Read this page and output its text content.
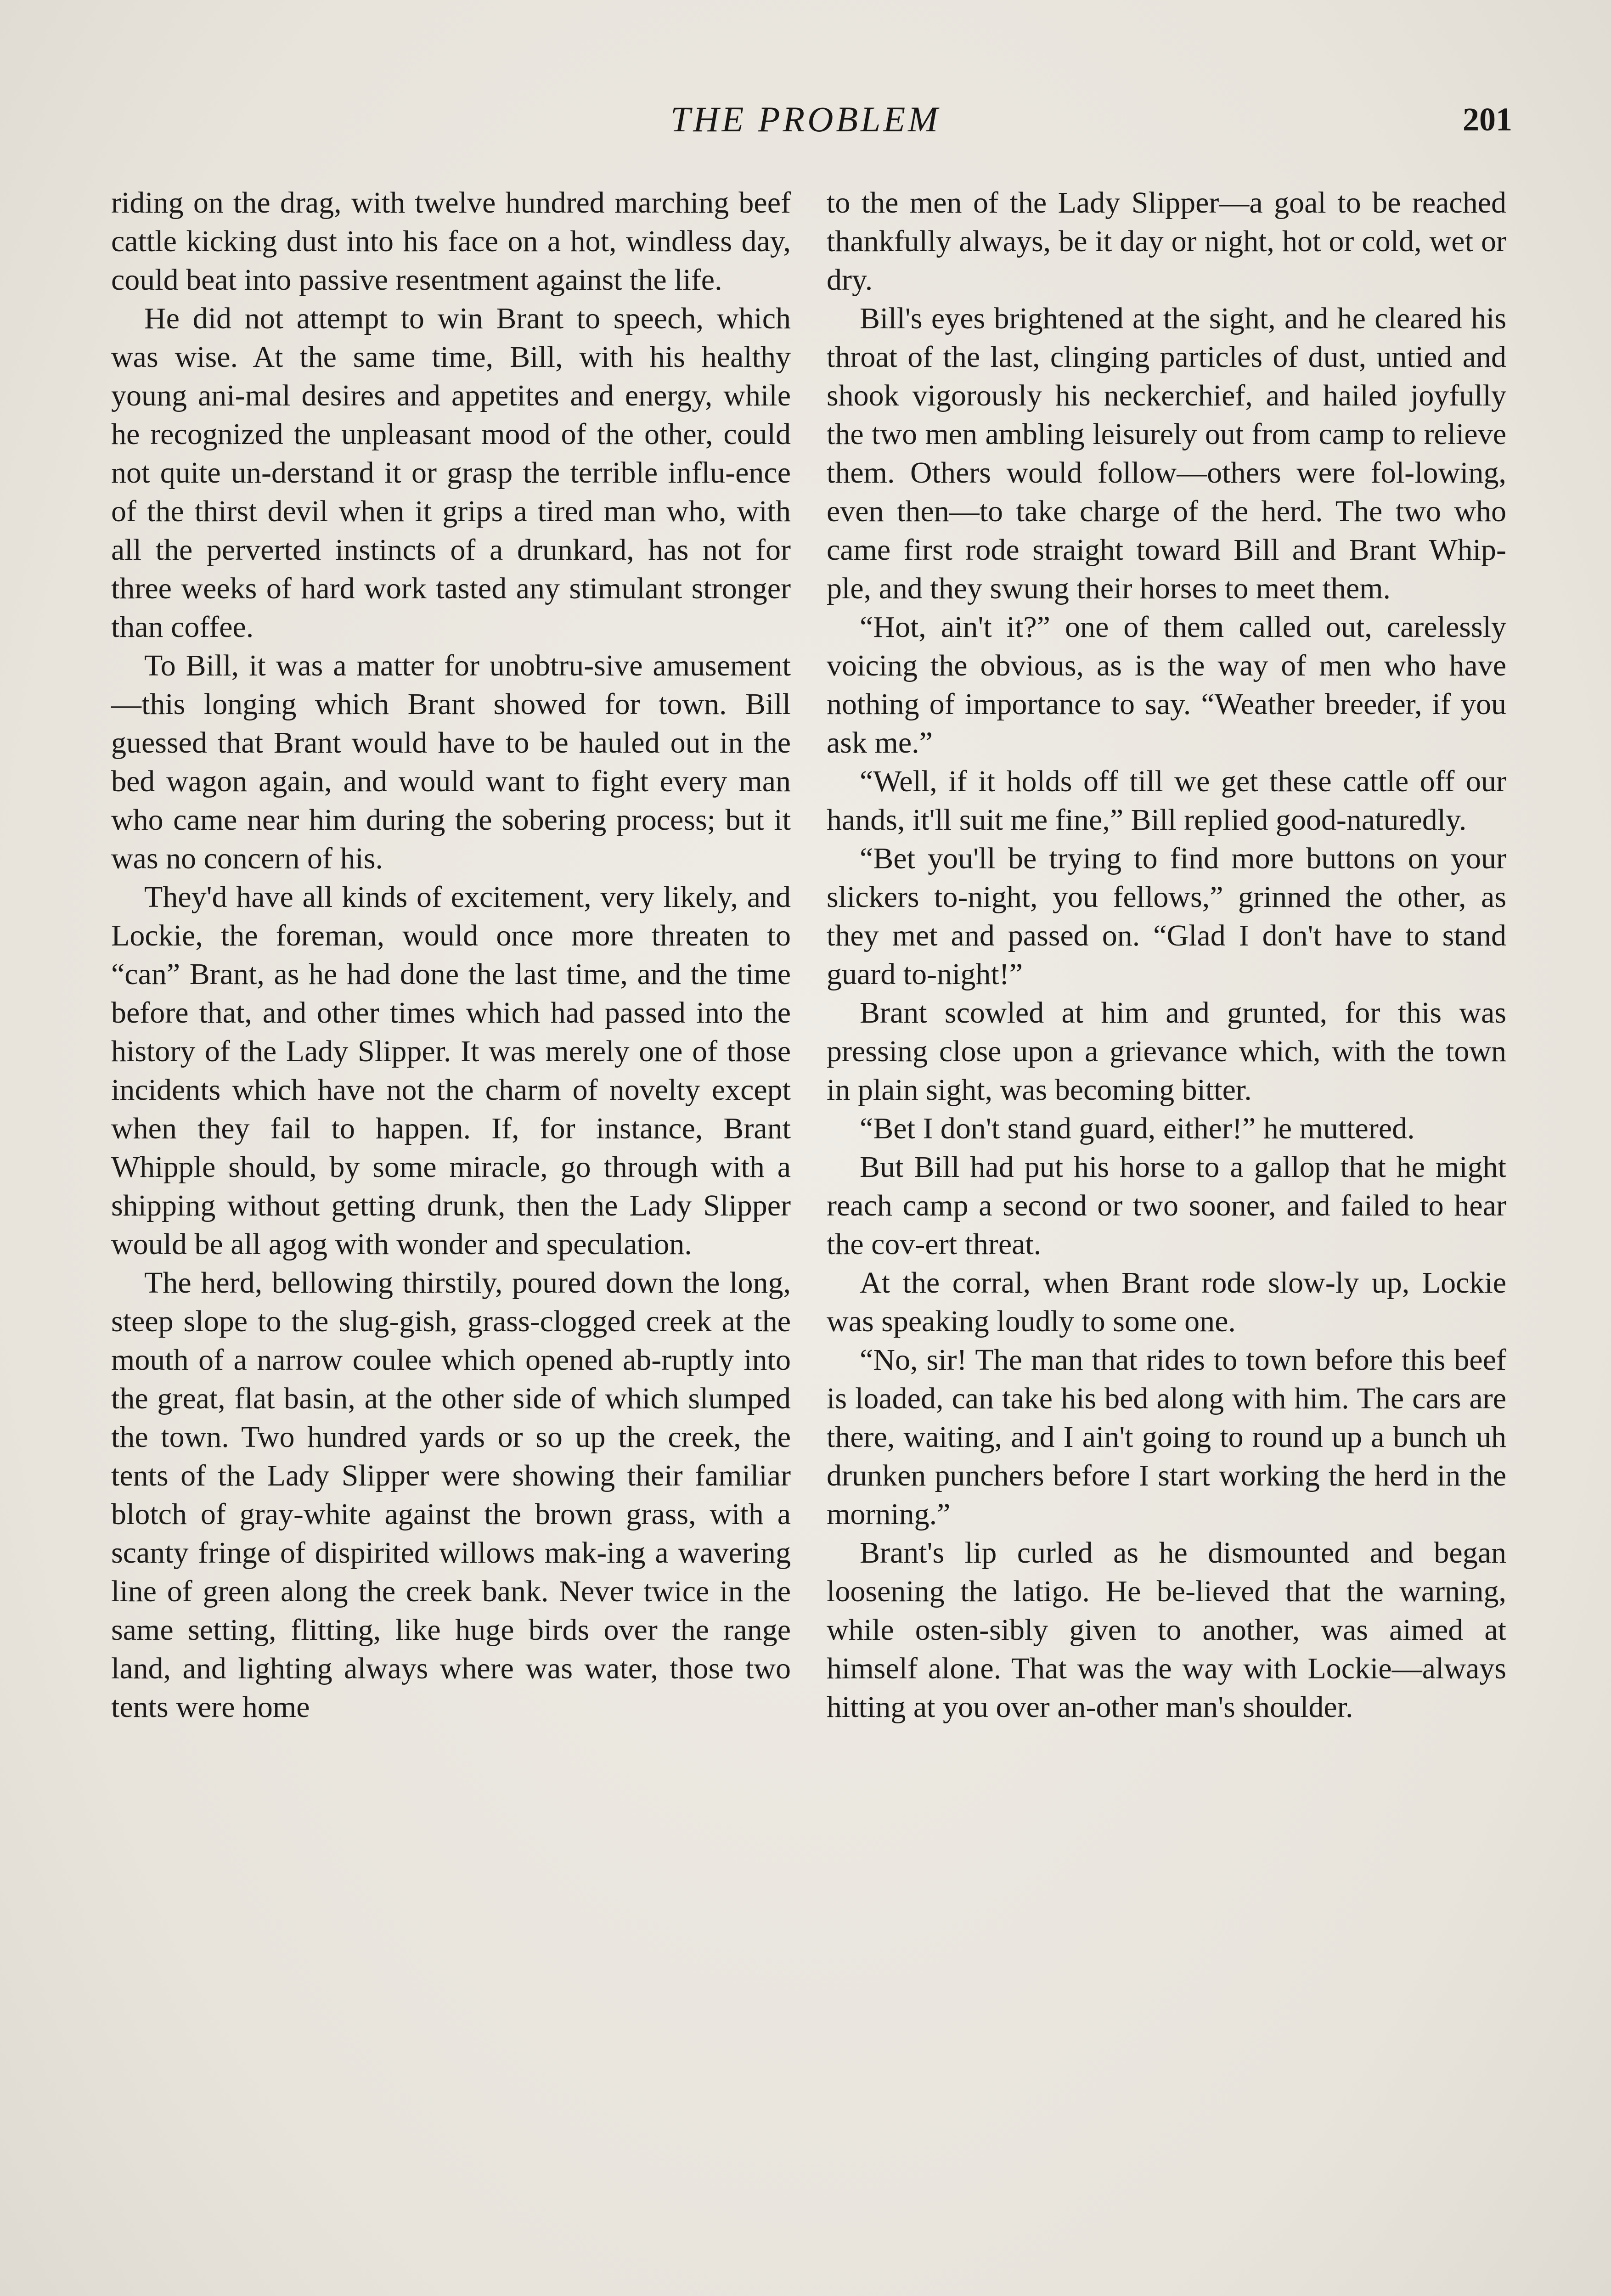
THE PROBLEM	201

riding on the drag, with twelve hundred marching beef cattle kicking dust into his face on a hot, windless day, could beat into passive resentment against the life.

He did not attempt to win Brant to speech, which was wise. At the same time, Bill, with his healthy young ani-mal desires and appetites and energy, while he recognized the unpleasant mood of the other, could not quite un-derstand it or grasp the terrible influ-ence of the thirst devil when it grips a tired man who, with all the perverted instincts of a drunkard, has not for three weeks of hard work tasted any stimulant stronger than coffee.

To Bill, it was a matter for unobtru-sive amusement—this longing which Brant showed for town. Bill guessed that Brant would have to be hauled out in the bed wagon again, and would want to fight every man who came near him during the sobering process; but it was no concern of his.

They'd have all kinds of excitement, very likely, and Lockie, the foreman, would once more threaten to “can” Brant, as he had done the last time, and the time before that, and other times which had passed into the history of the Lady Slipper. It was merely one of those incidents which have not the charm of novelty except when they fail to happen. If, for instance, Brant Whipple should, by some miracle, go through with a shipping without getting drunk, then the Lady Slipper would be all agog with wonder and speculation.

The herd, bellowing thirstily, poured down the long, steep slope to the slug-gish, grass-clogged creek at the mouth of a narrow coulee which opened ab-ruptly into the great, flat basin, at the other side of which slumped the town. Two hundred yards or so up the creek, the tents of the Lady Slipper were showing their familiar blotch of gray-white against the brown grass, with a scanty fringe of dispirited willows mak-ing a wavering line of green along the creek bank. Never twice in the same setting, flitting, like huge birds over the range land, and lighting always where was water, those two tents were home

to the men of the Lady Slipper—a goal to be reached thankfully always, be it day or night, hot or cold, wet or dry.

Bill's eyes brightened at the sight, and he cleared his throat of the last, clinging particles of dust, untied and shook vigorously his neckerchief, and hailed joyfully the two men ambling leisurely out from camp to relieve them. Others would follow—others were fol-lowing, even then—to take charge of the herd. The two who came first rode straight toward Bill and Brant Whip-ple, and they swung their horses to meet them.

“Hot, ain't it?” one of them called out, carelessly voicing the obvious, as is the way of men who have nothing of importance to say. “Weather breeder, if you ask me.”

“Well, if it holds off till we get these cattle off our hands, it'll suit me fine,” Bill replied good-naturedly.

“Bet you'll be trying to find more buttons on your slickers to-night, you fellows,” grinned the other, as they met and passed on. “Glad I don't have to stand guard to-night!”

Brant scowled at him and grunted, for this was pressing close upon a grievance which, with the town in plain sight, was becoming bitter.

“Bet I don't stand guard, either!” he muttered.

But Bill had put his horse to a gallop that he might reach camp a second or two sooner, and failed to hear the cov-ert threat.

At the corral, when Brant rode slow-ly up, Lockie was speaking loudly to some one.

“No, sir! The man that rides to town before this beef is loaded, can take his bed along with him. The cars are there, waiting, and I ain't going to round up a bunch uh drunken punchers before I start working the herd in the morning.”

Brant's lip curled as he dismounted and began loosening the latigo. He be-lieved that the warning, while osten-sibly given to another, was aimed at himself alone. That was the way with Lockie—always hitting at you over an-other man's shoulder.
